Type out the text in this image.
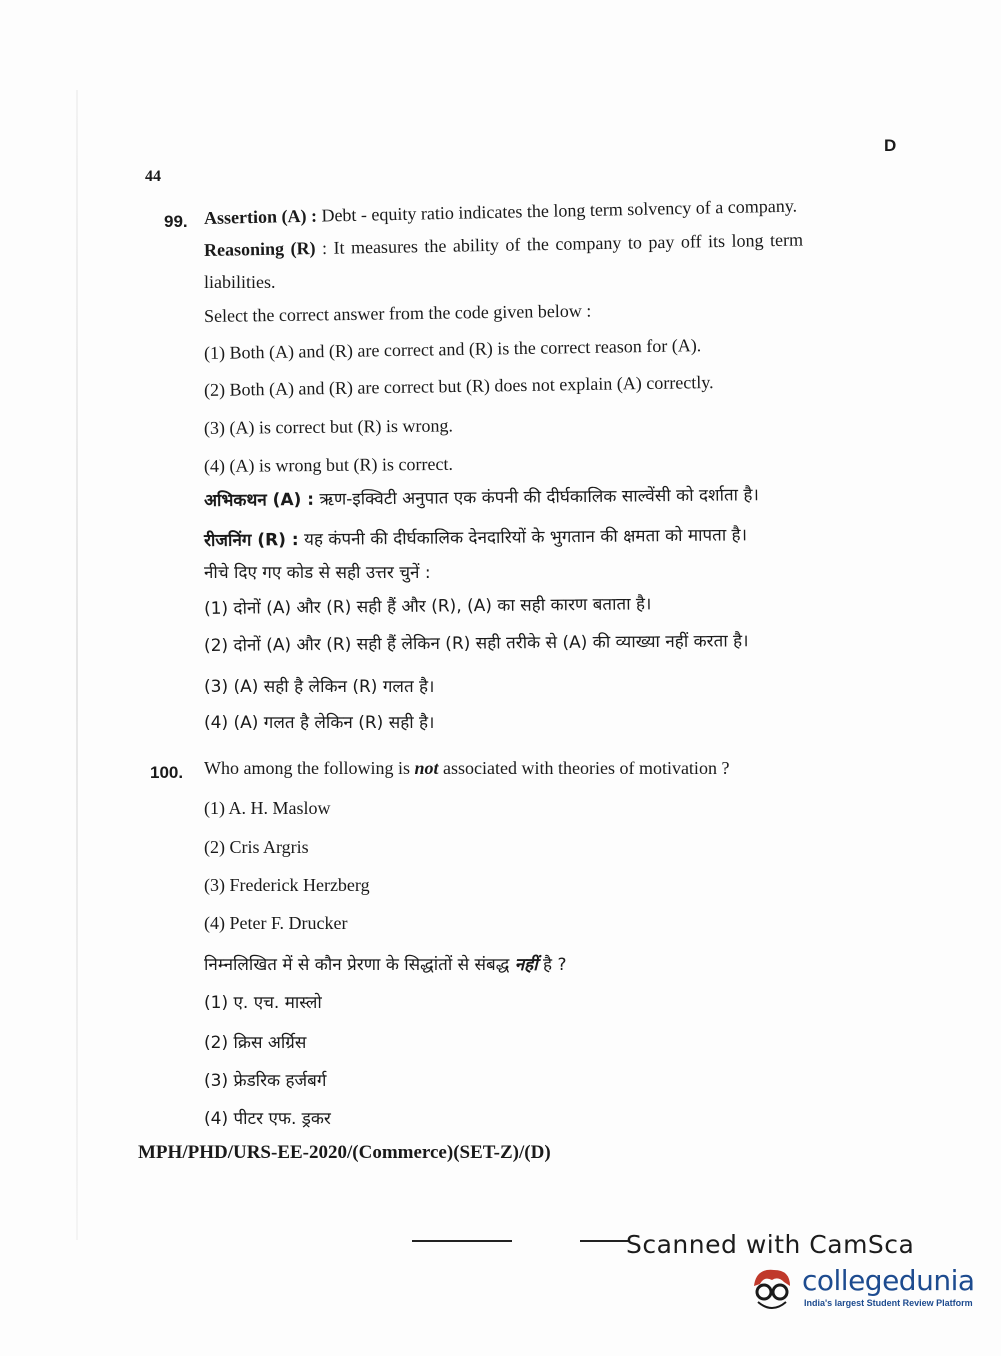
D
44
99. Assertion (A) : Debt - equity ratio indicates the long term solvency of a company.
Reasoning (R) : It measures the ability of the company to pay off its long term
liabilities.
Select the correct answer from the code given below :
(1) Both (A) and (R) are correct and (R) is the correct reason for (A).
(2) Both (A) and (R) are correct but (R) does not explain (A) correctly.
(3) (A) is correct but (R) is wrong.
(4) (A) is wrong but (R) is correct.
अभिकथन (A) : ऋण-इक्विटी अनुपात एक कंपनी की दीर्घकालिक साल्वेंसी को दर्शाता है।
रीजनिंग (R) : यह कंपनी की दीर्घकालिक देनदारियों के भुगतान की क्षमता को मापता है।
नीचे दिए गए कोड से सही उत्तर चुनें :
(1) दोनों (A) और (R) सही हैं और (R), (A) का सही कारण बताता है।
(2) दोनों (A) और (R) सही हैं लेकिन (R) सही तरीके से (A) की व्याख्या नहीं करता है।
(3) (A) सही है लेकिन (R) गलत है।
(4) (A) गलत है लेकिन (R) सही है।
100. Who among the following is not associated with theories of motivation ?
(1) A. H. Maslow
(2) Cris Argris
(3) Frederick Herzberg
(4) Peter F. Drucker
निम्नलिखित में से कौन प्रेरणा के सिद्धांतों से संबद्ध नहीं है ?
(1) ए. एच. मास्लो
(2) क्रिस अर्ग्रिस
(3) फ्रेडरिक हर्जबर्ग
(4) पीटर एफ. ड्रकर
MPH/PHD/URS-EE-2020/(Commerce)(SET-Z)/(D)
Scanned with CamSca
collegedunia
India's largest Student Review Platform
